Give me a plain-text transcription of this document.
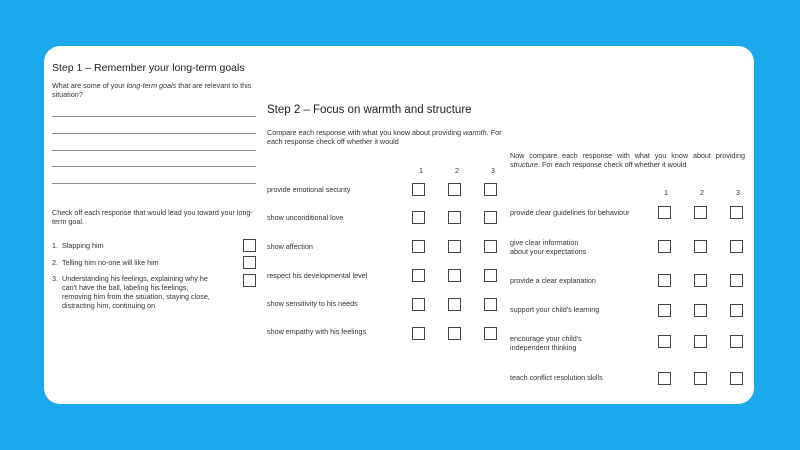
Step 1 – Remember your long-term goals
What are some of your long-term goals that are relevant to this situation?
Check off each response that would lead you toward your long-term goal.
1. Slapping him
2. Telling him no-one will like him
3. Understanding his feelings, explaining why he can't have the ball, labeling his feelings, removing him from the situation, staying close, distracting him, continuing on
Step 2 – Focus on warmth and structure
Compare each response with what you know about providing warmth. For each response check off whether it would
1	2	3
provide emotional security
show unconditional love
show affection
respect his developmental level
show sensitivity to his needs
show empathy with his feelings
Now compare each response with what you know about providing structure. For each response check off whether it would
1	2	3
provide clear guidelines for behaviour
give clear information about your expectations
provide a clear explanation
support your child's learning
encourage your child's independent thinking
teach conflict resolution skills
